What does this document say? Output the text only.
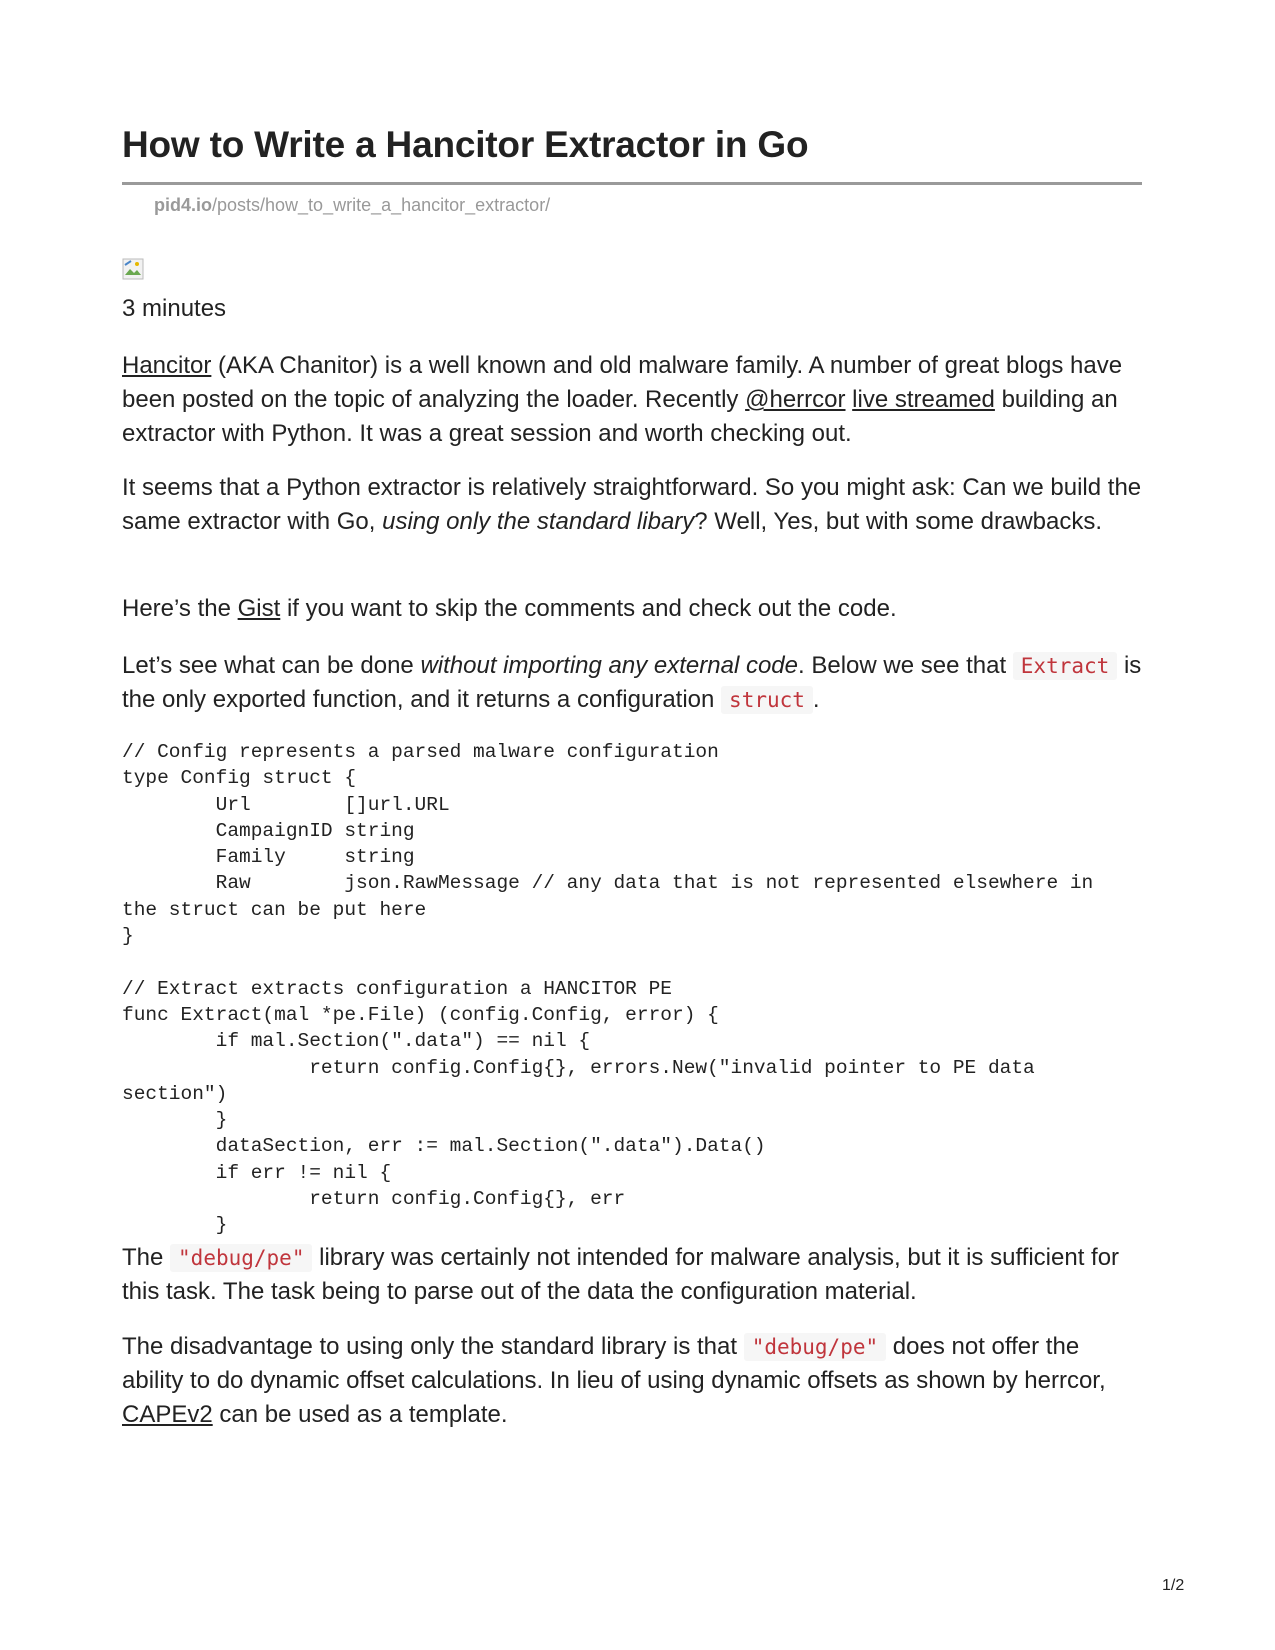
How to Write a Hancitor Extractor in Go
pid4.io/posts/how_to_write_a_hancitor_extractor/

3 minutes

Hancitor (AKA Chanitor) is a well known and old malware family. A number of great blogs have been posted on the topic of analyzing the loader. Recently @herrcor live streamed building an extractor with Python. It was a great session and worth checking out.

It seems that a Python extractor is relatively straightforward. So you might ask: Can we build the same extractor with Go, using only the standard libary? Well, Yes, but with some drawbacks.

Here’s the Gist if you want to skip the comments and check out the code.

Let’s see what can be done without importing any external code. Below we see that Extract is the only exported function, and it returns a configuration struct .

// Config represents a parsed malware configuration
type Config struct {
Url        []url.URL
CampaignID string
Family     string
Raw        json.RawMessage // any data that is not represented elsewhere in
the struct can be put here
}

// Extract extracts configuration a HANCITOR PE
func Extract(mal *pe.File) (config.Config, error) {
if mal.Section(".data") == nil {
return config.Config{}, errors.New("invalid pointer to PE data
section")
}
dataSection, err := mal.Section(".data").Data()
if err != nil {
return config.Config{}, err
}

The "debug/pe" library was certainly not intended for malware analysis, but it is sufficient for this task. The task being to parse out of the data the configuration material.

The disadvantage to using only the standard library is that "debug/pe" does not offer the ability to do dynamic offset calculations. In lieu of using dynamic offsets as shown by herrcor, CAPEv2 can be used as a template.

1/2
